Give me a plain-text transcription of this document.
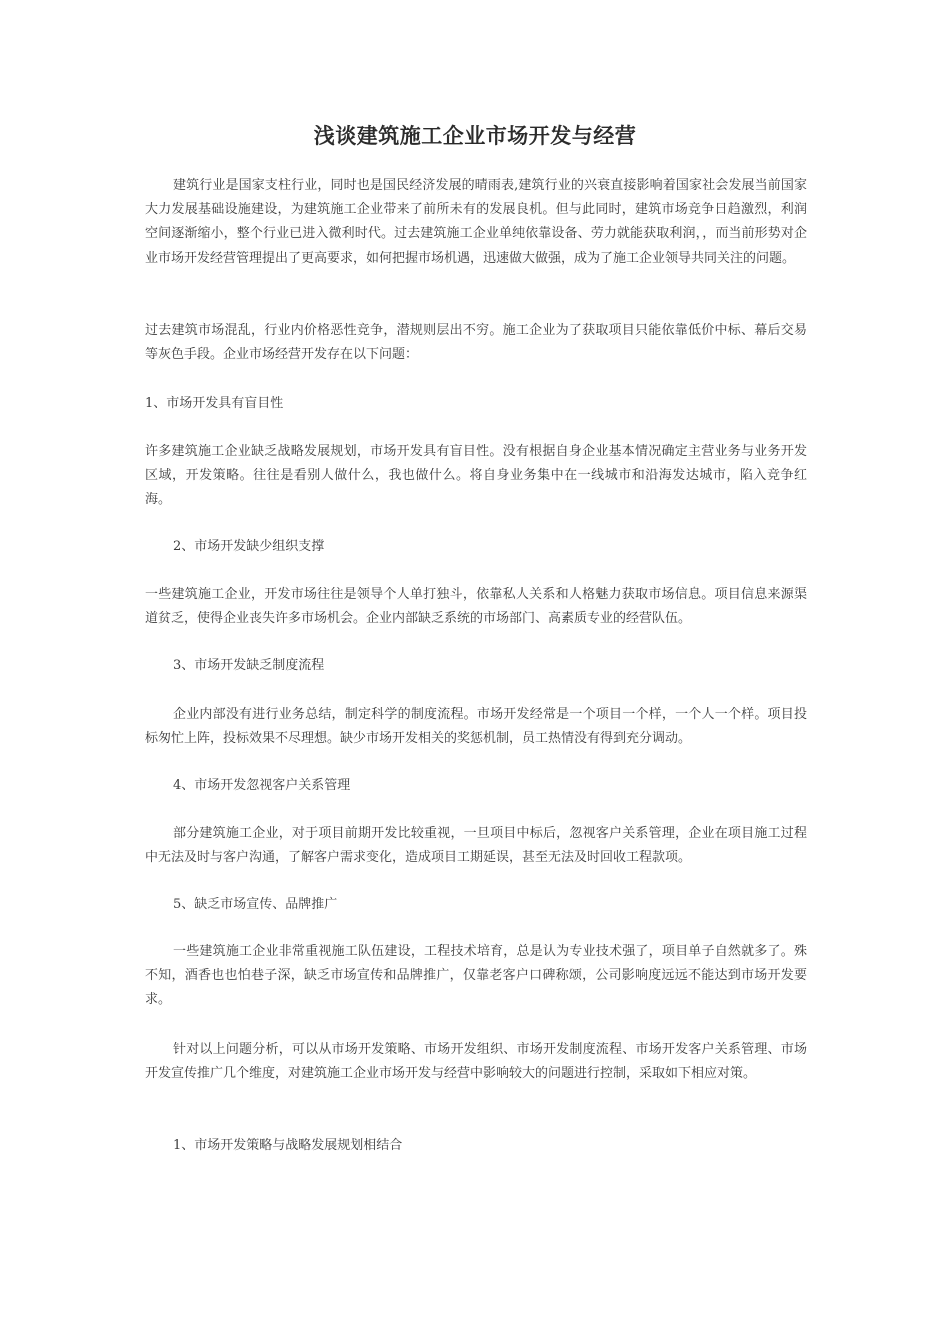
浅谈建筑施工企业市场开发与经营

建筑行业是国家支柱行业，同时也是国民经济发展的晴雨表,建筑行业的兴衰直接影响着国家社会发展当前国家大力发展基础设施建设，为建筑施工企业带来了前所未有的发展良机。但与此同时，建筑市场竞争日趋激烈，利润空间逐渐缩小，整个行业已进入微利时代。过去建筑施工企业单纯依靠设备、劳力就能获取利润，，而当前形势对企业市场开发经营管理提出了更高要求，如何把握市场机遇，迅速做大做强，成为了施工企业领导共同关注的问题。

过去建筑市场混乱，行业内价格恶性竞争，潜规则层出不穷。施工企业为了获取项目只能依靠低价中标、幕后交易等灰色手段。企业市场经营开发存在以下问题：

1、市场开发具有盲目性

许多建筑施工企业缺乏战略发展规划，市场开发具有盲目性。没有根据自身企业基本情况确定主营业务与业务开发区域，开发策略。往往是看别人做什么，我也做什么。将自身业务集中在一线城市和沿海发达城市，陷入竞争红海。

2、市场开发缺少组织支撑

一些建筑施工企业，开发市场往往是领导个人单打独斗，依靠私人关系和人格魅力获取市场信息。项目信息来源渠道贫乏，使得企业丧失许多市场机会。企业内部缺乏系统的市场部门、高素质专业的经营队伍。

3、市场开发缺乏制度流程

企业内部没有进行业务总结，制定科学的制度流程。市场开发经常是一个项目一个样，一个人一个样。项目投标匆忙上阵，投标效果不尽理想。缺少市场开发相关的奖惩机制，员工热情没有得到充分调动。

4、市场开发忽视客户关系管理

部分建筑施工企业，对于项目前期开发比较重视，一旦项目中标后，忽视客户关系管理，企业在项目施工过程中无法及时与客户沟通，了解客户需求变化，造成项目工期延误，甚至无法及时回收工程款项。

5、缺乏市场宣传、品牌推广

一些建筑施工企业非常重视施工队伍建设，工程技术培育，总是认为专业技术强了，项目单子自然就多了。殊不知，酒香也也怕巷子深，缺乏市场宣传和品牌推广，仅靠老客户口碑称颂，公司影响度远远不能达到市场开发要求。

针对以上问题分析，可以从市场开发策略、市场开发组织、市场开发制度流程、市场开发客户关系管理、市场开发宣传推广几个维度，对建筑施工企业市场开发与经营中影响较大的问题进行控制，采取如下相应对策。

1、市场开发策略与战略发展规划相结合
